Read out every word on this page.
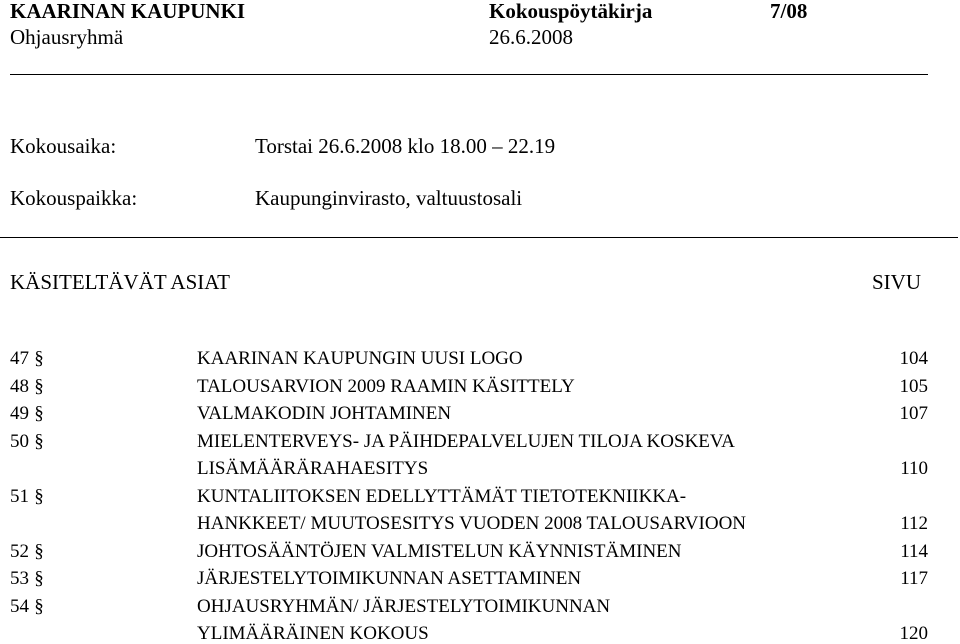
KAARINAN KAUPUNKI	Kokouspöytäkirja	7/08
Ohjausryhmä	26.6.2008
Kokousaika:	Torstai 26.6.2008 klo 18.00 – 22.19
Kokouspaikka:	Kaupunginvirasto, valtuustosali
KÄSITELTÄVÄT ASIAT	SIVU
47 §	KAARINAN KAUPUNGIN UUSI LOGO	104
48 §	TALOUSARVION 2009 RAAMIN KÄSITTELY	105
49 §	VALMAKODIN JOHTAMINEN	107
50 §	MIELENTERVEYS- JA PÄIHDEPALVELUJEN TILOJA KOSKEVA
LISÄMÄÄRÄRAHAESITYS	110
51 §	KUNTALIITOKSEN EDELLYTTÄMÄT TIETOTEKNIIKKA-
HANKKEET/ MUUTOSESITYS VUODEN 2008 TALOUSARVIOON	112
52 §	JOHTOSÄÄNTÖJEN VALMISTELUN KÄYNNISTÄMINEN	114
53 §	JÄRJESTELYTOIMIKUNNAN ASETTAMINEN	117
54 §	OHJAUSRYHMÄN/ JÄRJESTELYTOIMIKUNNAN
YLIMÄÄRÄINEN KOKOUS	120
